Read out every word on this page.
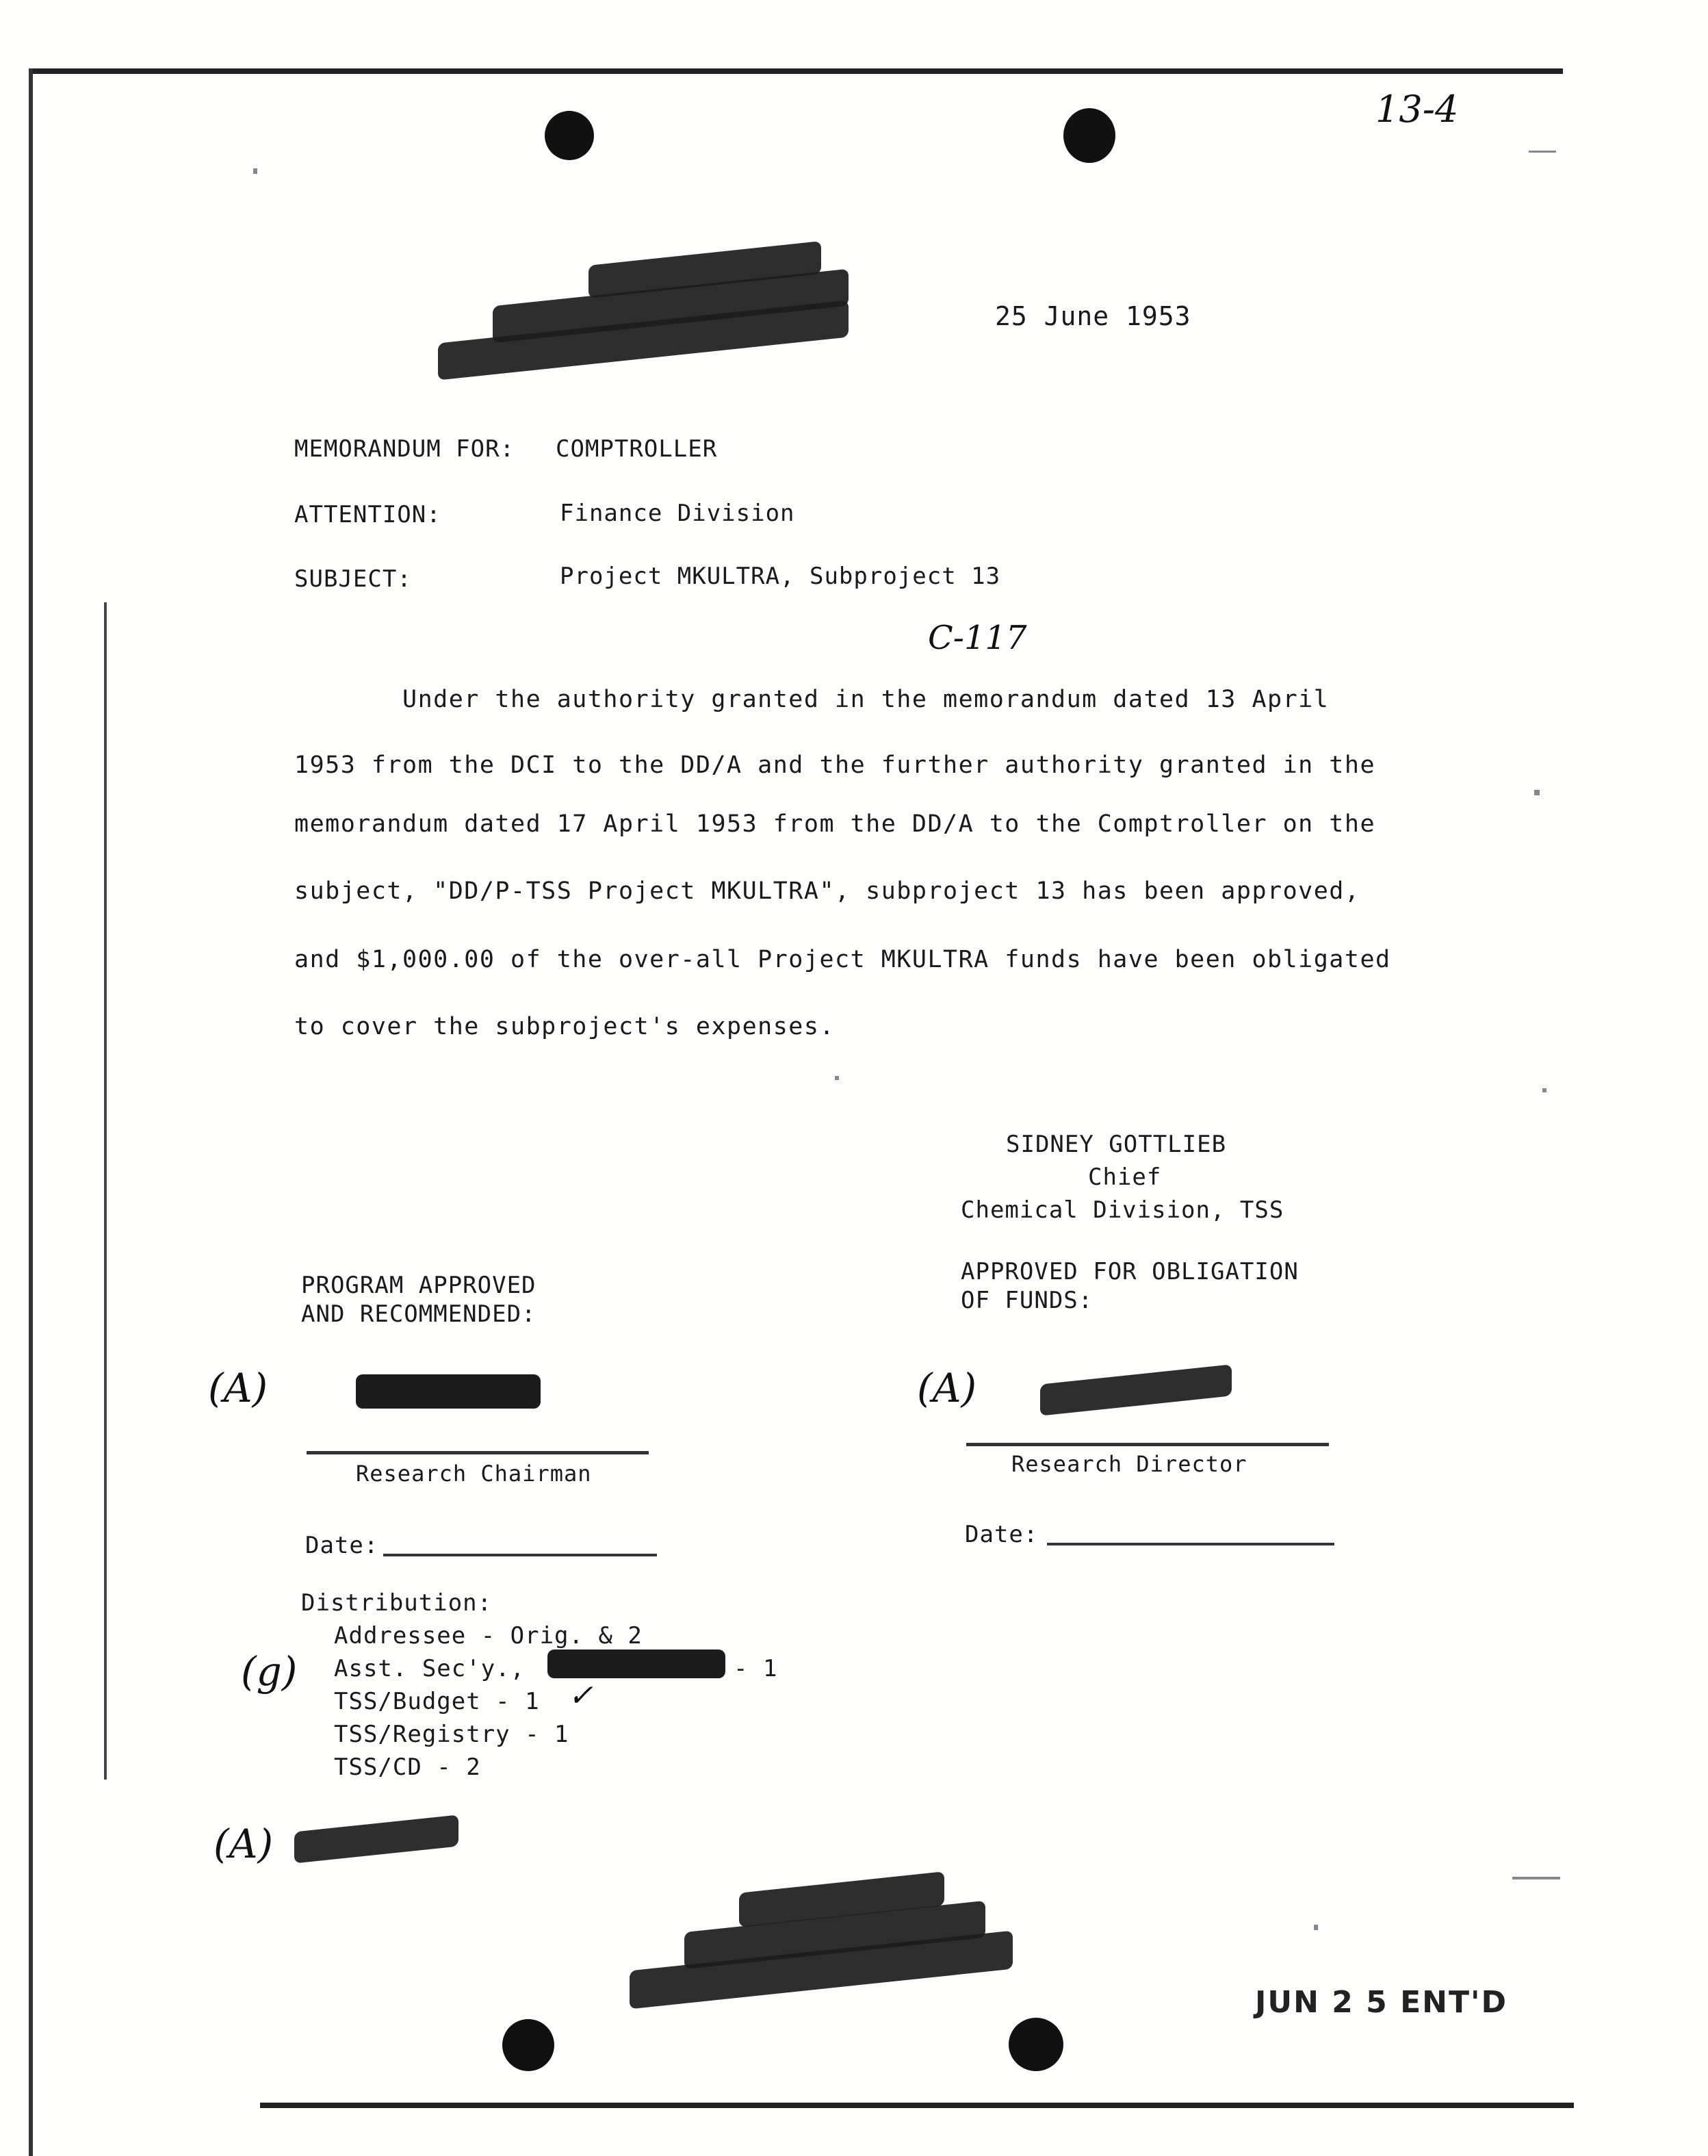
13-4
25 June 1953
MEMORANDUM FOR: COMPTROLLER
ATTENTION:	Finance Division
SUBJECT:	Project MKULTRA, Subproject 13
C-117
Under the authority granted in the memorandum dated 13 April
1953 from the DCI to the DD/A and the further authority granted in the
memorandum dated 17 April 1953 from the DD/A to the Comptroller on the
subject, "DD/P-TSS Project MKULTRA", subproject 13 has been approved,
and $1,000.00 of the over-all Project MKULTRA funds have been obligated
to cover the subproject's expenses.
SIDNEY GOTTLIEB
Chief
Chemical Division, TSS
PROGRAM APPROVED
AND RECOMMENDED:
APPROVED FOR OBLIGATION
OF FUNDS:
(A)	(A)
Research Chairman	Research Director
Date:	Date:
Distribution:
Addressee - Orig. & 2
Asst. Sec'y.,	- 1
TSS/Budget - 1 ✓
TSS/Registry - 1
TSS/CD - 2
(g)
(A)
JUN 2 5 ENT'D
